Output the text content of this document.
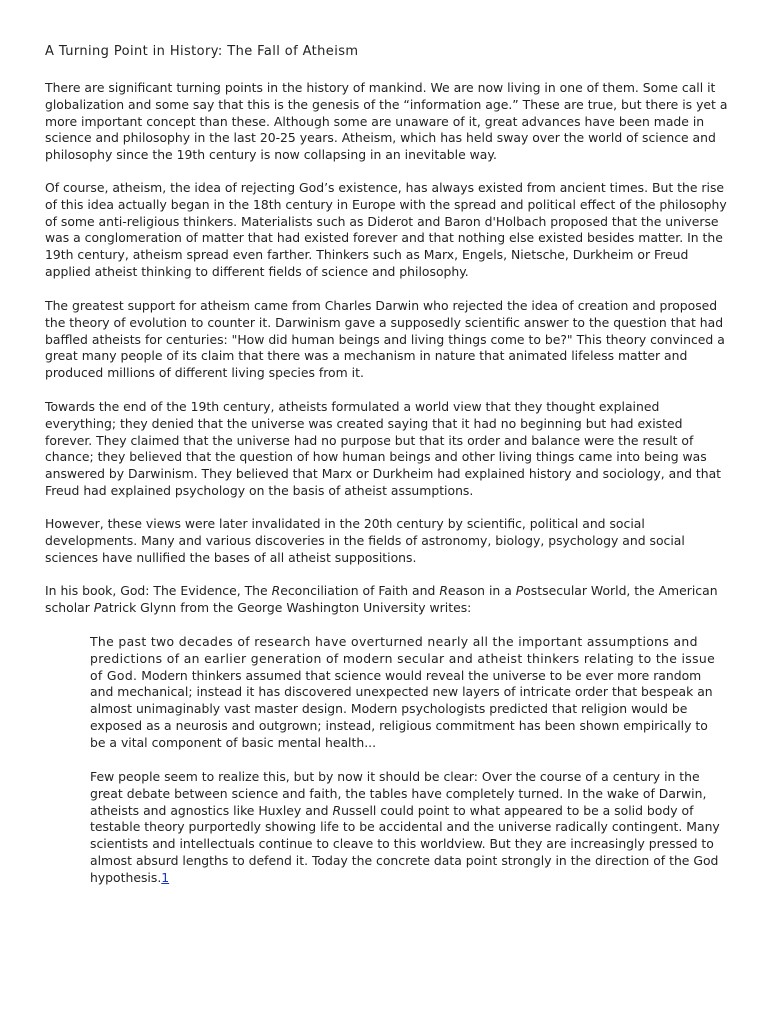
A Turning Point in History: The Fall of Atheism

There are significant turning points in the history of mankind. We are now living in one of them. Some call it globalization and some say that this is the genesis of the “information age.” These are true, but there is yet a more important concept than these. Although some are unaware of it, great advances have been made in science and philosophy in the last 20-25 years. Atheism, which has held sway over the world of science and philosophy since the 19th century is now collapsing in an inevitable way.

Of course, atheism, the idea of rejecting God’s existence, has always existed from ancient times. But the rise of this idea actually began in the 18th century in Europe with the spread and political effect of the philosophy of some anti-religious thinkers. Materialists such as Diderot and Baron d'Holbach proposed that the universe was a conglomeration of matter that had existed forever and that nothing else existed besides matter. In the 19th century, atheism spread even farther. Thinkers such as Marx, Engels, Nietsche, Durkheim or Freud applied atheist thinking to different fields of science and philosophy.

The greatest support for atheism came from Charles Darwin who rejected the idea of creation and proposed the theory of evolution to counter it. Darwinism gave a supposedly scientific answer to the question that had baffled atheists for centuries: "How did human beings and living things come to be?" This theory convinced a great many people of its claim that there was a mechanism in nature that animated lifeless matter and produced millions of different living species from it.

Towards the end of the 19th century, atheists formulated a world view that they thought explained everything; they denied that the universe was created saying that it had no beginning but had existed forever. They claimed that the universe had no purpose but that its order and balance were the result of chance; they believed that the question of how human beings and other living things came into being was answered by Darwinism. They believed that Marx or Durkheim had explained history and sociology, and that Freud had explained psychology on the basis of atheist assumptions.

However, these views were later invalidated in the 20th century by scientific, political and social developments. Many and various discoveries in the fields of astronomy, biology, psychology and social sciences have nullified the bases of all atheist suppositions.

In his book, God: The Evidence, The Reconciliation of Faith and Reason in a Postsecular World, the American scholar Patrick Glynn from the George Washington University writes:

The past two decades of research have overturned nearly all the important assumptions and predictions of an earlier generation of modern secular and atheist thinkers relating to the issue of God. Modern thinkers assumed that science would reveal the universe to be ever more random and mechanical; instead it has discovered unexpected new layers of intricate order that bespeak an almost unimaginably vast master design. Modern psychologists predicted that religion would be exposed as a neurosis and outgrown; instead, religious commitment has been shown empirically to be a vital component of basic mental health...

Few people seem to realize this, but by now it should be clear: Over the course of a century in the great debate between science and faith, the tables have completely turned. In the wake of Darwin, atheists and agnostics like Huxley and Russell could point to what appeared to be a solid body of testable theory purportedly showing life to be accidental and the universe radically contingent. Many scientists and intellectuals continue to cleave to this worldview. But they are increasingly pressed to almost absurd lengths to defend it. Today the concrete data point strongly in the direction of the God hypothesis.1
